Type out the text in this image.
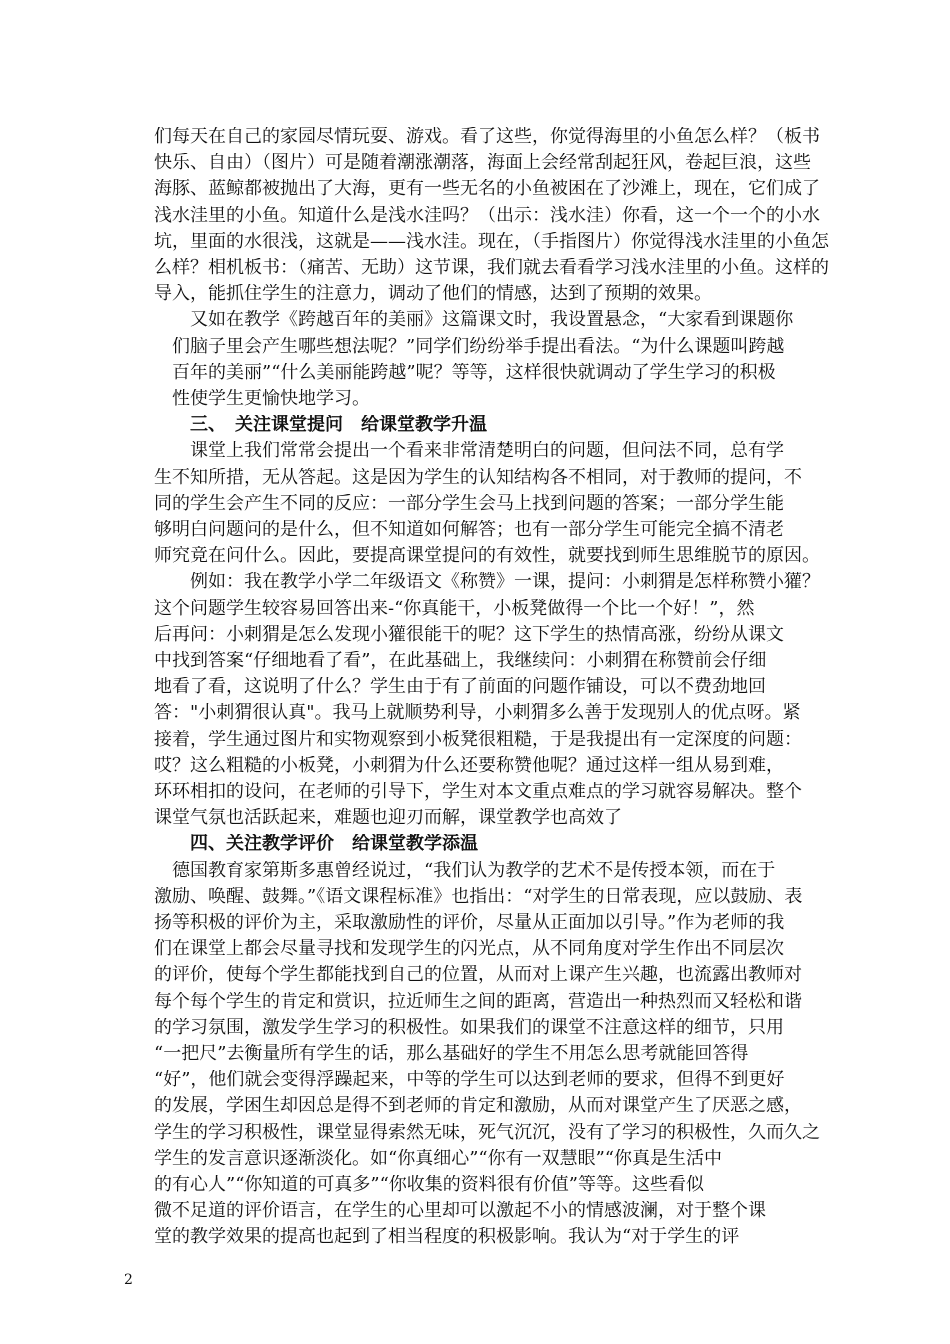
们每天在自己的家园尽情玩耍、游戏。看了这些，你觉得海里的小鱼怎么样？（板书
快乐、自由）（图片）可是随着潮涨潮落，海面上会经常刮起狂风，卷起巨浪，这些
海豚、蓝鲸都被抛出了大海，更有一些无名的小鱼被困在了沙滩上，现在，它们成了
浅水洼里的小鱼。知道什么是浅水洼吗？（出示：浅水洼）你看，这一个一个的小水
坑，里面的水很浅，这就是——浅水洼。现在，（手指图片）你觉得浅水洼里的小鱼怎
么样？相机板书：（痛苦、无助）这节课，我们就去看看学习浅水洼里的小鱼。这样的
导入，能抓住学生的注意力，调动了他们的情感，达到了预期的效果。
　　又如在教学《跨越百年的美丽》这篇课文时，我设置悬念，“大家看到课题你
　们脑子里会产生哪些想法呢？”同学们纷纷举手提出看法。“为什么课题叫跨越
　百年的美丽”“什么美丽能跨越”呢？等等，这样很快就调动了学生学习的积极
　性使学生更愉快地学习。
　　三、　关注课堂提问　给课堂教学升温
　　课堂上我们常常会提出一个看来非常清楚明白的问题，但问法不同，总有学
生不知所措，无从答起。这是因为学生的认知结构各不相同，对于教师的提问，不
同的学生会产生不同的反应：一部分学生会马上找到问题的答案；一部分学生能
够明白问题问的是什么，但不知道如何解答；也有一部分学生可能完全搞不清老
师究竟在问什么。因此，要提高课堂提问的有效性，就要找到师生思维脱节的原因。
　　例如：我在教学小学二年级语文《称赞》一课，提问：小刺猬是怎样称赞小獾？
这个问题学生较容易回答出来-“你真能干，小板凳做得一个比一个好！”，然
后再问：小刺猬是怎么发现小獾很能干的呢？这下学生的热情高涨，纷纷从课文
中找到答案“仔细地看了看”，在此基础上，我继续问：小刺猬在称赞前会仔细
地看了看，这说明了什么？学生由于有了前面的问题作铺设，可以不费劲地回
答："小刺猬很认真"。我马上就顺势利导，小刺猬多么善于发现别人的优点呀。紧
接着，学生通过图片和实物观察到小板凳很粗糙，于是我提出有一定深度的问题：
哎？这么粗糙的小板凳，小刺猬为什么还要称赞他呢？通过这样一组从易到难，
环环相扣的设问，在老师的引导下，学生对本文重点难点的学习就容易解决。整个
课堂气氛也活跃起来，难题也迎刃而解，课堂教学也高效了
　　四、关注教学评价　给课堂教学添温
　德国教育家第斯多惠曾经说过，“我们认为教学的艺术不是传授本领，而在于
激励、唤醒、鼓舞。”《语文课程标准》也指出：“对学生的日常表现，应以鼓励、表
扬等积极的评价为主，采取激励性的评价，尽量从正面加以引导。”作为老师的我
们在课堂上都会尽量寻找和发现学生的闪光点，从不同角度对学生作出不同层次
的评价，使每个学生都能找到自己的位置，从而对上课产生兴趣，也流露出教师对
每个每个学生的肯定和赏识，拉近师生之间的距离，营造出一种热烈而又轻松和谐
的学习氛围，激发学生学习的积极性。如果我们的课堂不注意这样的细节，只用
“一把尺”去衡量所有学生的话，那么基础好的学生不用怎么思考就能回答得
“好”，他们就会变得浮躁起来，中等的学生可以达到老师的要求，但得不到更好
的发展，学困生却因总是得不到老师的肯定和激励，从而对课堂产生了厌恶之感，
学生的学习积极性，课堂显得索然无味，死气沉沉，没有了学习的积极性，久而久之
学生的发言意识逐渐淡化。如“你真细心”“你有一双慧眼”“你真是生活中
的有心人”“你知道的可真多”“你收集的资料很有价值”等等。这些看似
微不足道的评价语言，在学生的心里却可以激起不小的情感波澜，对于整个课
堂的教学效果的提高也起到了相当程度的积极影响。我认为“对于学生的评
2
